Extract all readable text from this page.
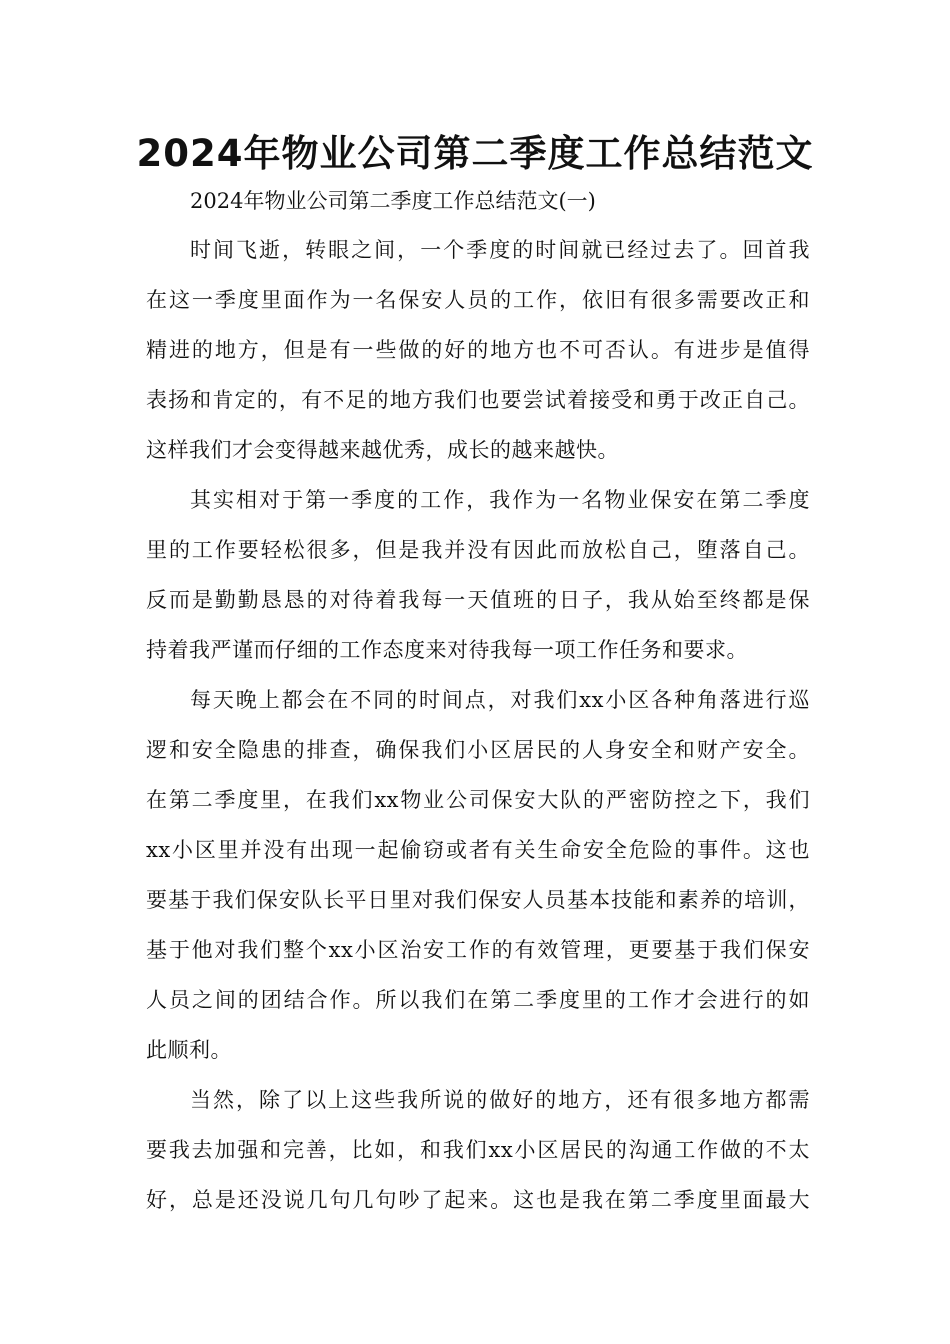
2024年物业公司第二季度工作总结范文

2024年物业公司第二季度工作总结范文(一)

时间飞逝，转眼之间，一个季度的时间就已经过去了。回首我
在这一季度里面作为一名保安人员的工作，依旧有很多需要改正和
精进的地方，但是有一些做的好的地方也不可否认。有进步是值得
表扬和肯定的，有不足的地方我们也要尝试着接受和勇于改正自己。
这样我们才会变得越来越优秀，成长的越来越快。
其实相对于第一季度的工作，我作为一名物业保安在第二季度
里的工作要轻松很多，但是我并没有因此而放松自己，堕落自己。
反而是勤勤恳恳的对待着我每一天值班的日子，我从始至终都是保
持着我严谨而仔细的工作态度来对待我每一项工作任务和要求。
每天晚上都会在不同的时间点，对我们xx小区各种角落进行巡
逻和安全隐患的排查，确保我们小区居民的人身安全和财产安全。
在第二季度里，在我们xx物业公司保安大队的严密防控之下，我们
xx小区里并没有出现一起偷窃或者有关生命安全危险的事件。这也
要基于我们保安队长平日里对我们保安人员基本技能和素养的培训，
基于他对我们整个xx小区治安工作的有效管理，更要基于我们保安
人员之间的团结合作。所以我们在第二季度里的工作才会进行的如
此顺利。
当然，除了以上这些我所说的做好的地方，还有很多地方都需
要我去加强和完善，比如，和我们xx小区居民的沟通工作做的不太
好，总是还没说几句几句吵了起来。这也是我在第二季度里面最大
